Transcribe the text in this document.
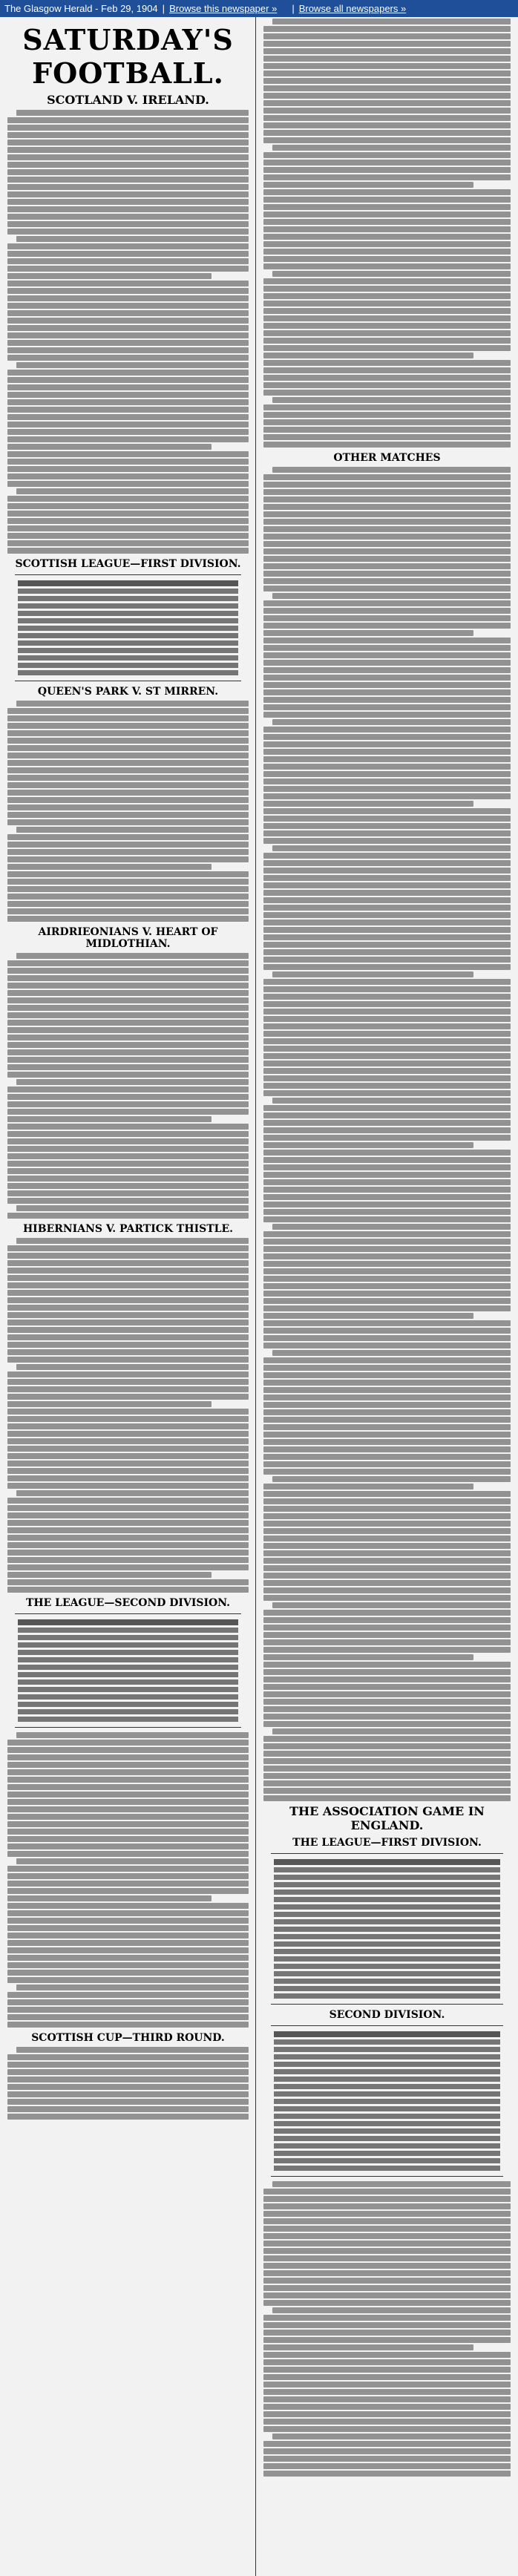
The Glasgow Herald - Feb 29, 1904 | Browse this newspaper » | Browse all newspapers »
SATURDAY'S FOOTBALL.
SCOTLAND V. IRELAND.
SCOTTISH LEAGUE—FIRST DIVISION.
QUEEN'S PARK V. ST MIRREN.
AIRDRIEONIANS V. HEART OF MIDLOTHIAN.
HIBERNIANS V. PARTICK THISTLE.
THE LEAGUE—SECOND DIVISION.
SCOTTISH CUP—THIRD ROUND.
OTHER MATCHES
THE ASSOCIATION GAME IN ENGLAND.
THE LEAGUE—FIRST DIVISION.
SECOND DIVISION.
